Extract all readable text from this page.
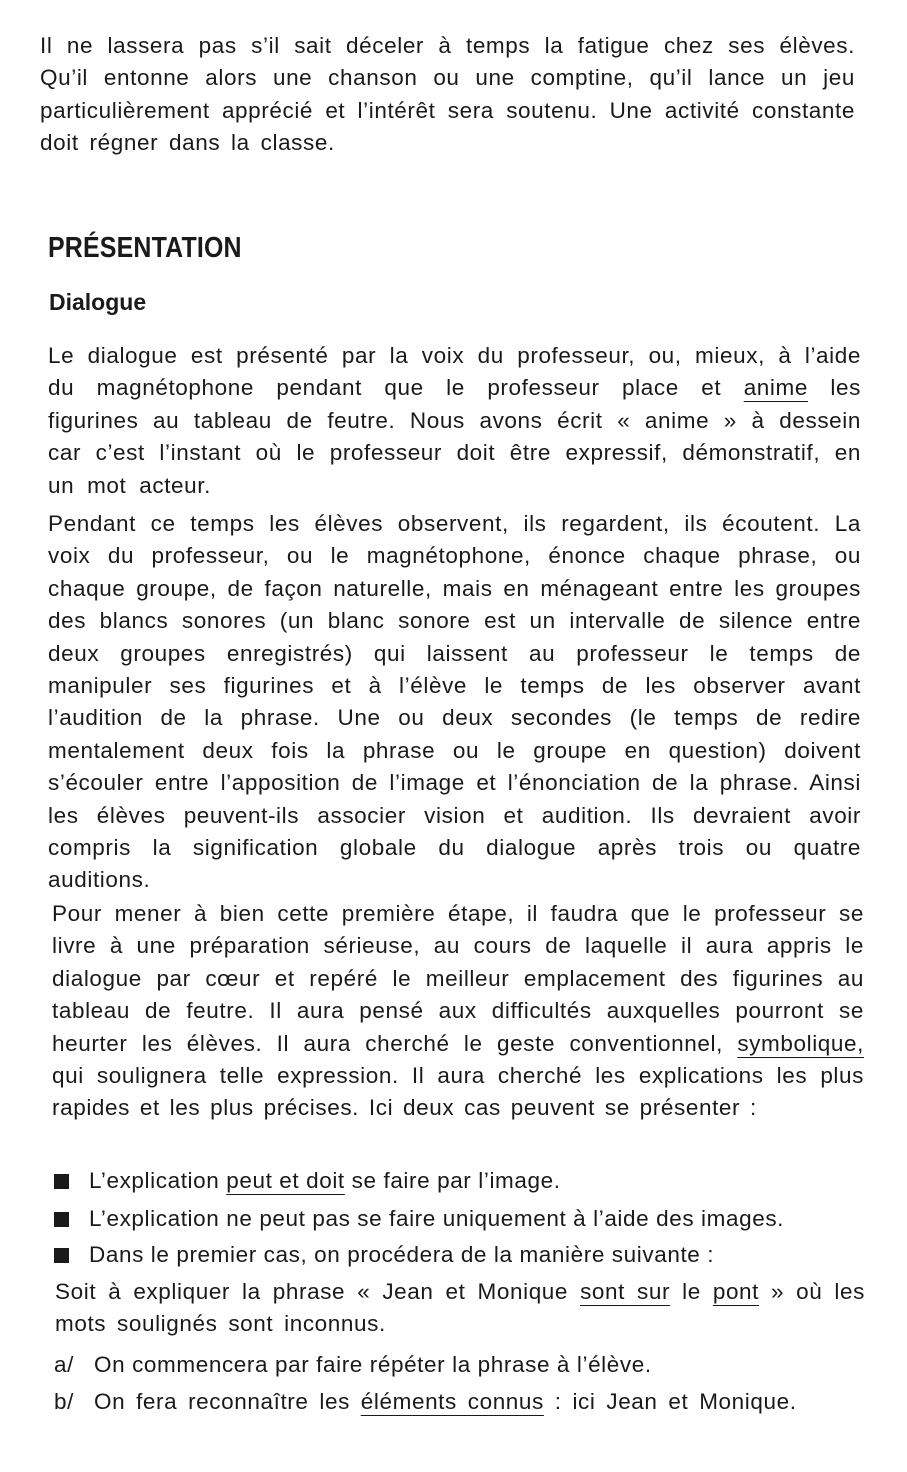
Il ne lassera pas s’il sait déceler à temps la fatigue chez ses élèves. Qu’il entonne alors une chanson ou une comptine, qu’il lance un jeu particulièrement apprécié et l’intérêt sera soutenu. Une activité constante doit régner dans la classe.

PRÉSENTATION
Dialogue

Le dialogue est présenté par la voix du professeur, ou, mieux, à l’aide du magnétophone pendant que le professeur place et anime les figurines au tableau de feutre. Nous avons écrit « anime » à dessein car c’est l’instant où le professeur doit être expressif, démonstratif, en un mot acteur.

Pendant ce temps les élèves observent, ils regardent, ils écoutent. La voix du professeur, ou le magnétophone, énonce chaque phrase, ou chaque groupe, de façon naturelle, mais en ménageant entre les groupes des blancs sonores (un blanc sonore est un intervalle de silence entre deux groupes enregistrés) qui laissent au professeur le temps de manipuler ses figurines et à l’élève le temps de les observer avant l’audition de la phrase. Une ou deux secondes (le temps de redire mentalement deux fois la phrase ou le groupe en question) doivent s’écouler entre l’apposition de l’image et l’énonciation de la phrase. Ainsi les élèves peuvent-ils associer vision et audition. Ils devraient avoir compris la signification globale du dialogue après trois ou quatre auditions.

Pour mener à bien cette première étape, il faudra que le professeur se livre à une préparation sérieuse, au cours de laquelle il aura appris le dialogue par cœur et repéré le meilleur emplacement des figurines au tableau de feutre. Il aura pensé aux difficultés auxquelles pourront se heurter les élèves. Il aura cherché le geste conventionnel, symbolique, qui soulignera telle expression. Il aura cherché les explications les plus rapides et les plus précises. Ici deux cas peuvent se présenter :

L’explication peut et doit se faire par l’image.
L’explication ne peut pas se faire uniquement à l’aide des images.
Dans le premier cas, on procédera de la manière suivante :

Soit à expliquer la phrase « Jean et Monique sont sur le pont » où les mots soulignés sont inconnus.

a/ On commencera par faire répéter la phrase à l’élève.
b/ On fera reconnaître les éléments connus : ici Jean et Monique.
